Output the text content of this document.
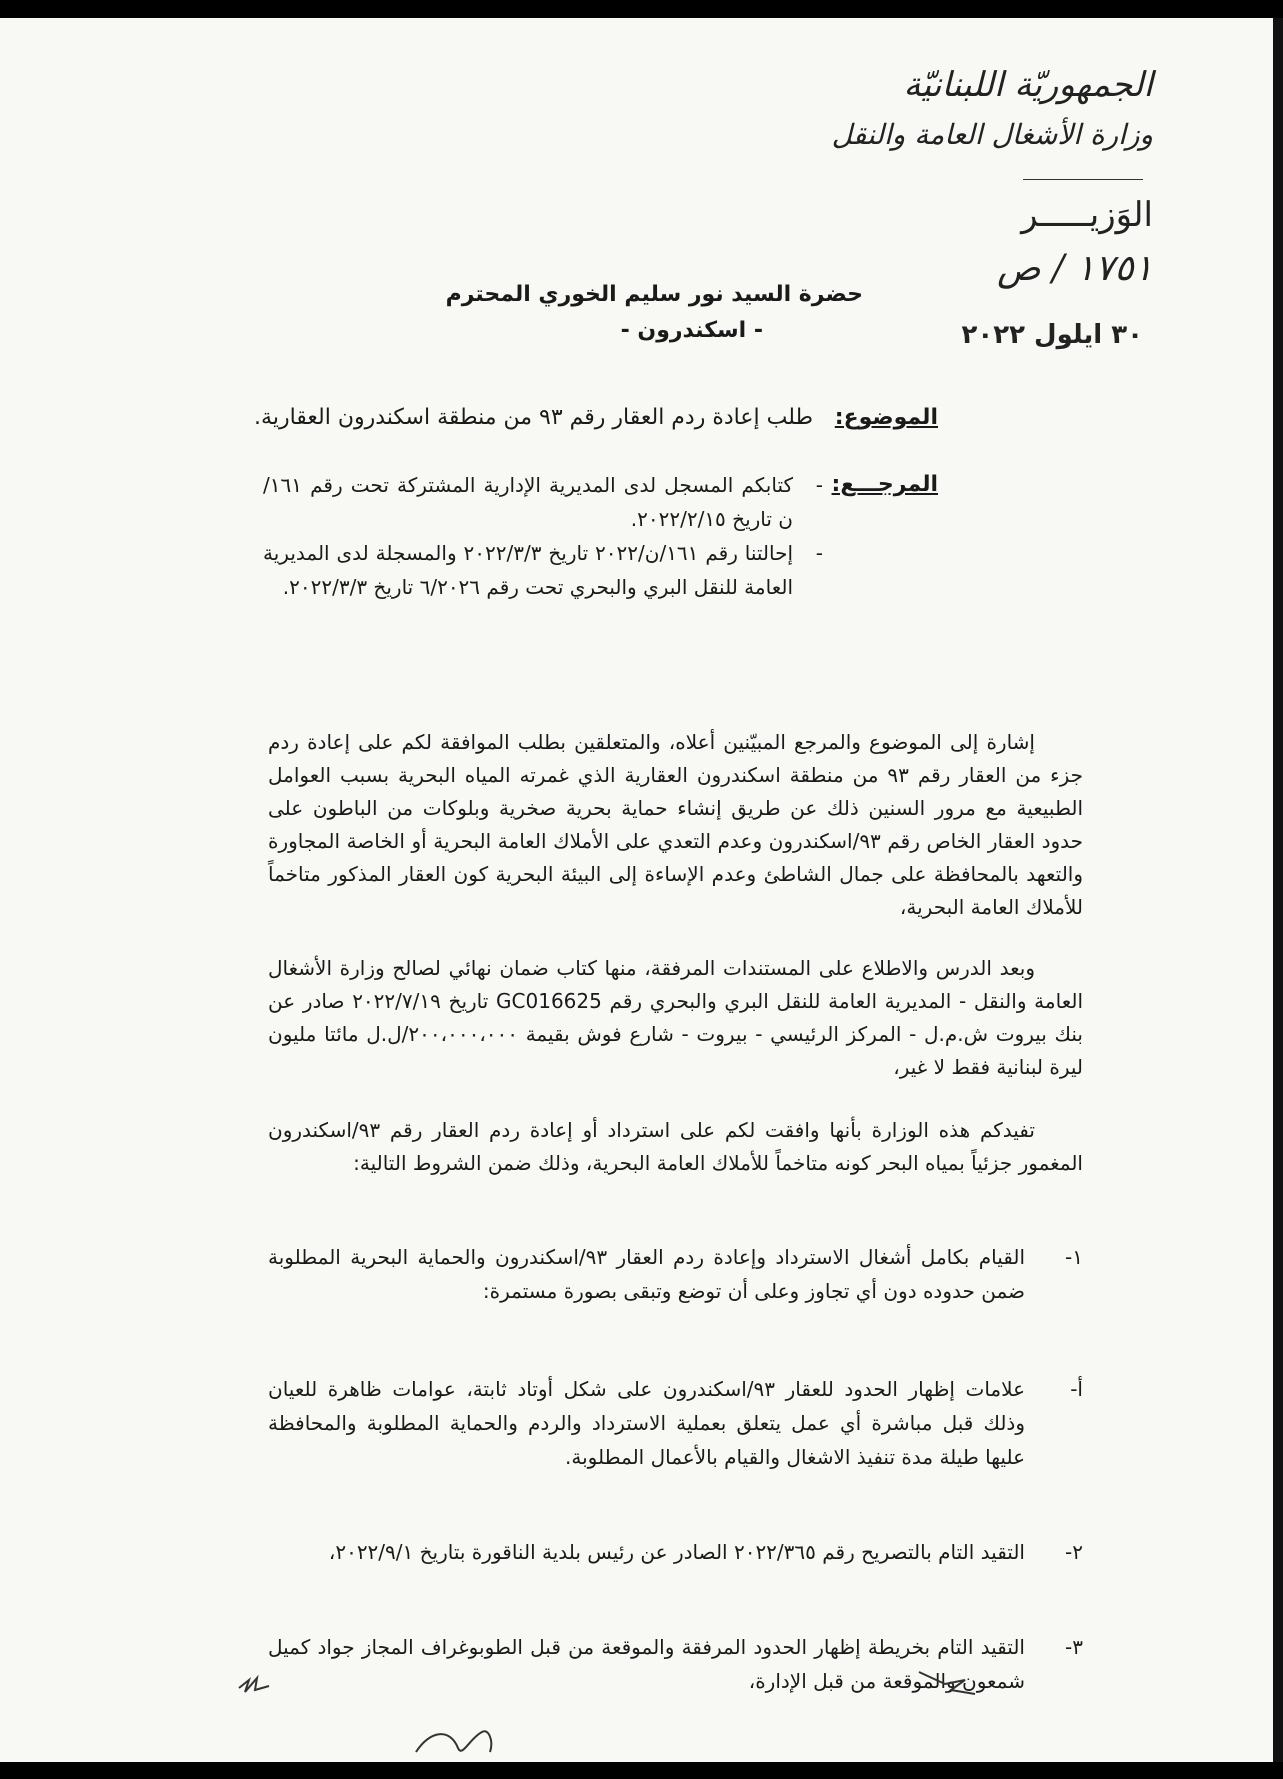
الجمهوريّة اللبنانيّة
وزارة الأشغال العامة والنقل
الوَزيـــــر
١٧٥١ / ص
٣٠ ايلول ٢٠٢٢
حضرة السيد نور سليم الخوري المحترم
- اسكندرون -
الموضوع:
طلب إعادة ردم العقار رقم ٩٣ من منطقة اسكندرون العقارية.
المرجـــع:
-
كتابكم المسجل لدى المديرية الإدارية المشتركة تحت رقم ١٦١/ن تاريخ ٢٠٢٢/٢/١٥.
-
إحالتنا رقم ١٦١/ن/٢٠٢٢ تاريخ ٢٠٢٢/٣/٣ والمسجلة لدى المديرية العامة للنقل البري والبحري تحت رقم ٦/٢٠٢٦ تاريخ ٢٠٢٢/٣/٣.
إشارة إلى الموضوع والمرجع المبيّنين أعلاه، والمتعلقين بطلب الموافقة لكم على إعادة ردم جزء من العقار رقم ٩٣ من منطقة اسكندرون العقارية الذي غمرته المياه البحرية بسبب العوامل الطبيعية مع مرور السنين ذلك عن طريق إنشاء حماية بحرية صخرية وبلوكات من الباطون على حدود العقار الخاص رقم ٩٣/اسكندرون وعدم التعدي على الأملاك العامة البحرية أو الخاصة المجاورة والتعهد بالمحافظة على جمال الشاطئ وعدم الإساءة إلى البيئة البحرية كون العقار المذكور متاخماً للأملاك العامة البحرية،
وبعد الدرس والاطلاع على المستندات المرفقة، منها كتاب ضمان نهائي لصالح وزارة الأشغال العامة والنقل - المديرية العامة للنقل البري والبحري رقم GC016625 تاريخ ٢٠٢٢/٧/١٩ صادر عن بنك بيروت ش.م.ل - المركز الرئيسي - بيروت - شارع فوش بقيمة ٢٠٠،٠٠٠،٠٠٠/ل.ل مائتا مليون ليرة لبنانية فقط لا غير،
تفيدكم هذه الوزارة بأنها وافقت لكم على استرداد أو إعادة ردم العقار رقم ٩٣/اسكندرون المغمور جزئياً بمياه البحر كونه متاخماً للأملاك العامة البحرية، وذلك ضمن الشروط التالية:
١-
القيام بكامل أشغال الاسترداد وإعادة ردم العقار ٩٣/اسكندرون والحماية البحرية المطلوبة ضمن حدوده دون أي تجاوز وعلى أن توضع وتبقى بصورة مستمرة:
أ-
علامات إظهار الحدود للعقار ٩٣/اسكندرون على شكل أوتاد ثابتة، عوامات ظاهرة للعيان وذلك قبل مباشرة أي عمل يتعلق بعملية الاسترداد والردم والحماية المطلوبة والمحافظة عليها طيلة مدة تنفيذ الاشغال والقيام بالأعمال المطلوبة.
٢-
التقيد التام بالتصريح رقم ٢٠٢٢/٣٦٥ الصادر عن رئيس بلدية الناقورة بتاريخ ٢٠٢٢/٩/١،
٣-
التقيد التام بخريطة إظهار الحدود المرفقة والموقعة من قبل الطوبوغراف المجاز جواد كميل شمعون والموقعة من قبل الإدارة،
